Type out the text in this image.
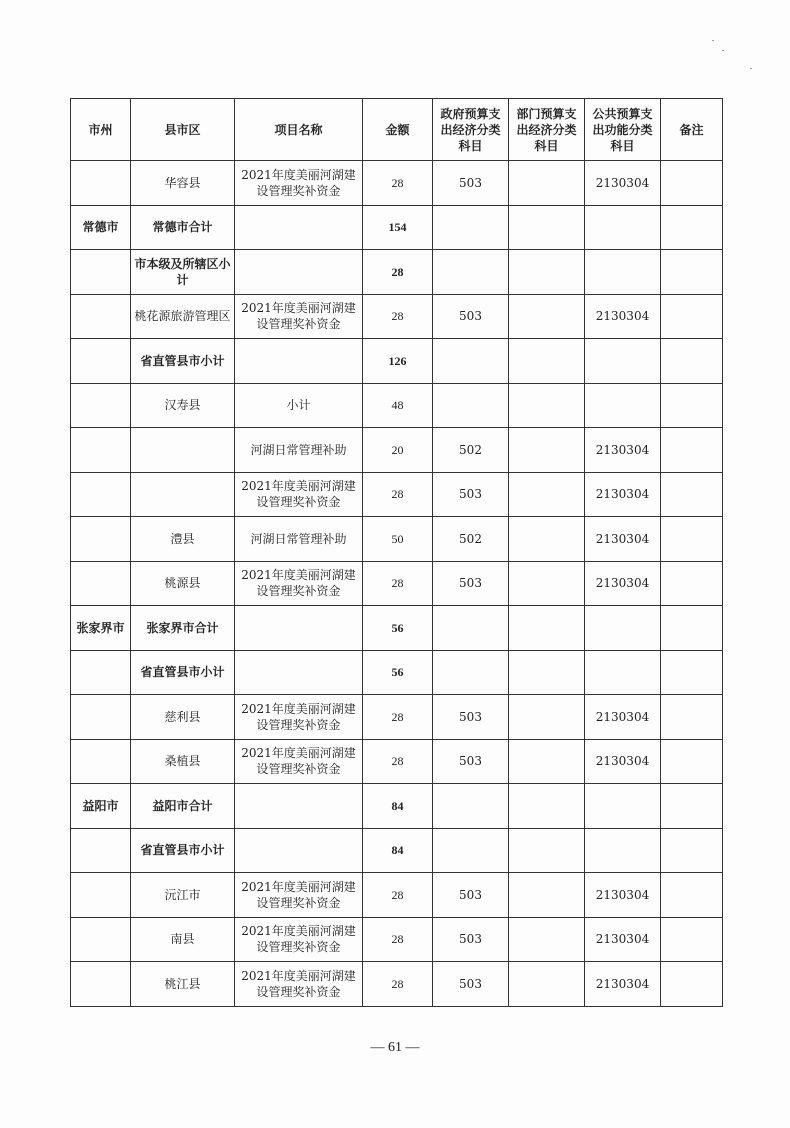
市州	县市区	项目名称	金额	政府预算支出经济分类科目	部门预算支出经济分类科目	公共预算支出功能分类科目	备注
	华容县	2021年度美丽河湖建设管理奖补资金	28	503		2130304	
常德市	常德市合计		154				
	市本级及所辖区小计		28				
	桃花源旅游管理区	2021年度美丽河湖建设管理奖补资金	28	503		2130304	
	省直管县市小计		126				
	汉寿县	小计	48				
		河湖日常管理补助	20	502		2130304	
		2021年度美丽河湖建设管理奖补资金	28	503		2130304	
	澧县	河湖日常管理补助	50	502		2130304	
	桃源县	2021年度美丽河湖建设管理奖补资金	28	503		2130304	
张家界市	张家界市合计		56				
	省直管县市小计		56				
	慈利县	2021年度美丽河湖建设管理奖补资金	28	503		2130304	
	桑植县	2021年度美丽河湖建设管理奖补资金	28	503		2130304	
益阳市	益阳市合计		84				
	省直管县市小计		84				
	沅江市	2021年度美丽河湖建设管理奖补资金	28	503		2130304	
	南县	2021年度美丽河湖建设管理奖补资金	28	503		2130304	
	桃江县	2021年度美丽河湖建设管理奖补资金	28	503		2130304	
— 61 —
